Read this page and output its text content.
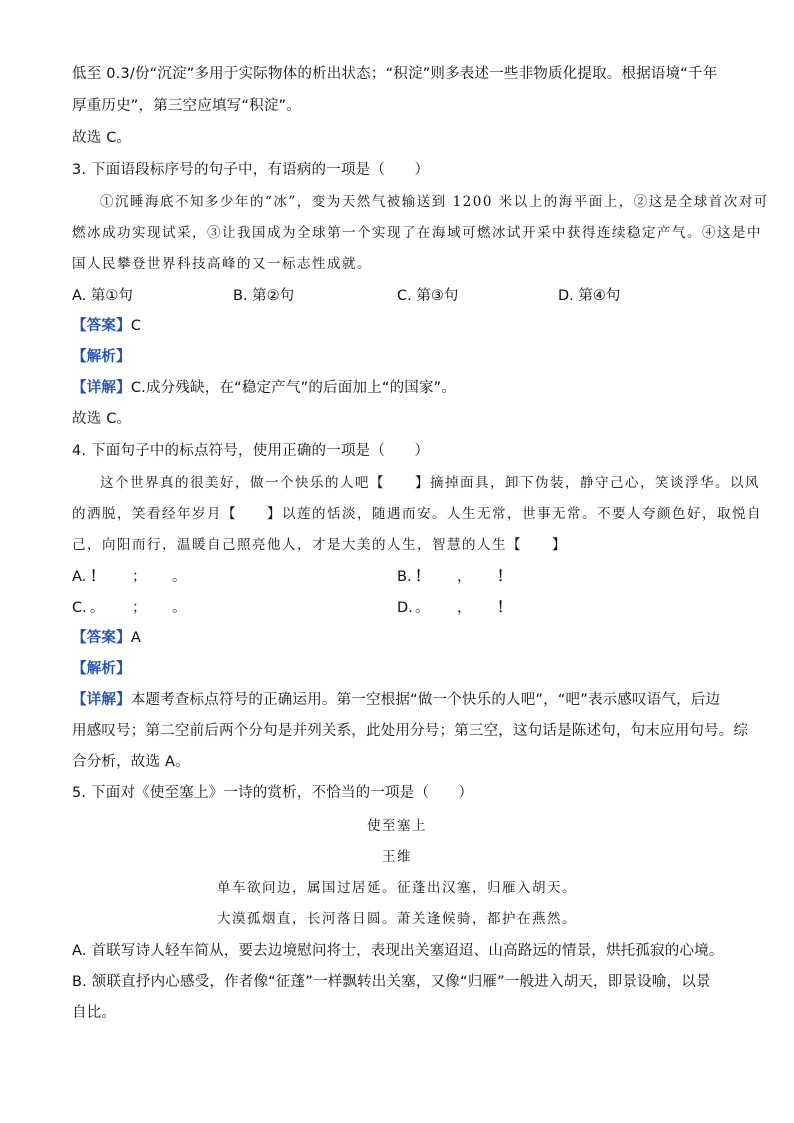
低至 0.3/份“沉淀”多用于实际物体的析出状态；“积淀”则多表述一些非物质化提取。根据语境“千年
厚重历史”，第三空应填写“积淀”。
故选 C。
3. 下面语段标序号的句子中，有语病的一项是（　　）
①沉睡海底不知多少年的“冰”，变为天然气被输送到 1200 米以上的海平面上，②这是全球首次对可
燃冰成功实现试采，③让我国成为全球第一个实现了在海域可燃冰试开采中获得连续稳定产气。④这是中
国人民攀登世界科技高峰的又一标志性成就。
A. 第①句	B. 第②句	C. 第③句	D. 第④句
【答案】C
【解析】
【详解】C.成分残缺，在“稳定产气”的后面加上“的国家”。
故选 C。
4. 下面句子中的标点符号，使用正确的一项是（　　）
这个世界真的很美好，做一个快乐的人吧【　　】摘掉面具，卸下伪装，静守己心，笑谈浮华。以风
的洒脱，笑看经年岁月【　　】以莲的恬淡，随遇而安。人生无常，世事无常。不要人夸颜色好，取悦自
己，向阳而行，温暖自己照亮他人，才是大美的人生，智慧的人生【　　】
A. ！ ； 。	B. ！ ， ！
C. 。 ； 。	D. 。 ， ！
【答案】A
【解析】
【详解】本题考查标点符号的正确运用。第一空根据“做一个快乐的人吧”，“吧”表示感叹语气，后边
用感叹号；第二空前后两个分句是并列关系，此处用分号；第三空，这句话是陈述句，句末应用句号。综
合分析，故选 A。
5. 下面对《使至塞上》一诗的赏析，不恰当的一项是（　　）
使至塞上
王维
单车欲问边，属国过居延。征蓬出汉塞，归雁入胡天。
大漠孤烟直，长河落日圆。萧关逢候骑，都护在燕然。
A. 首联写诗人轻车简从，要去边境慰问将士，表现出关塞迢迢、山高路远的情景，烘托孤寂的心境。
B. 颔联直抒内心感受，作者像“征蓬”一样飘转出关塞，又像“归雁”一般进入胡天，即景设喻，以景
自比。
